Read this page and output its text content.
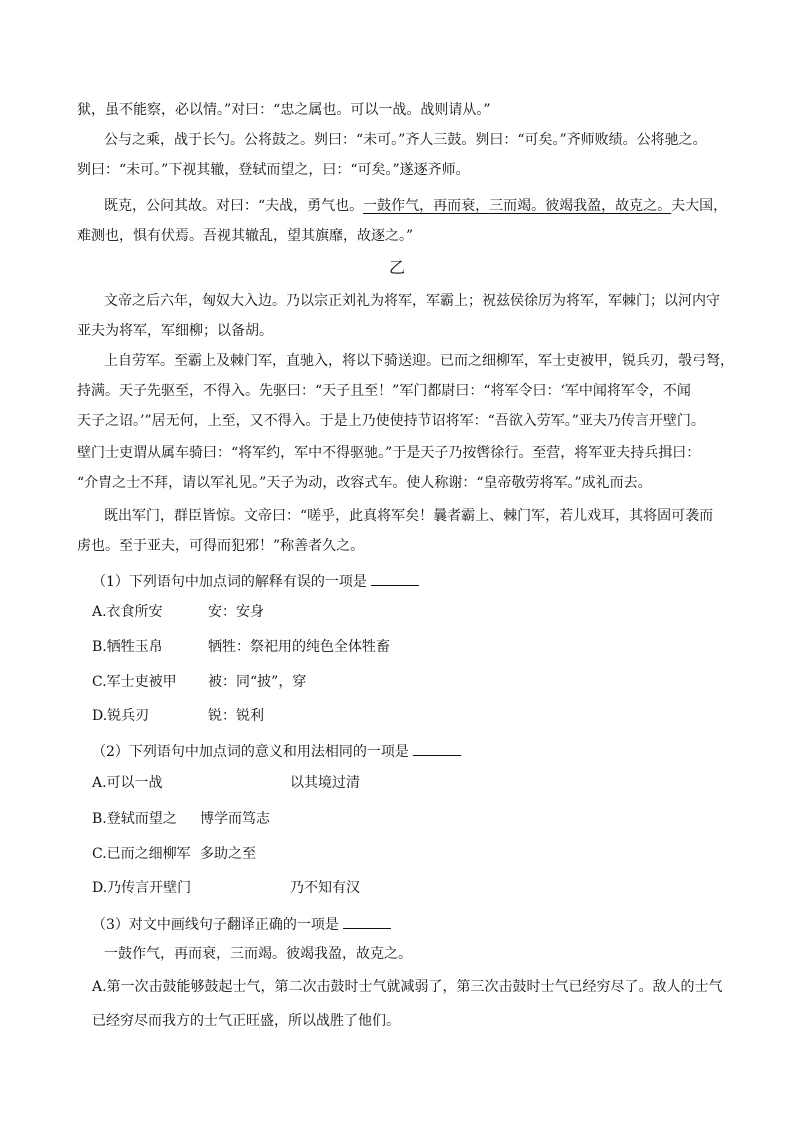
狱，虽不能察，必以情。”对曰：“忠之属也。可以一战。战则请从。”
公与之乘，战于长勺。公将鼓之。刿曰：“未可。”齐人三鼓。刿曰：“可矣。”齐师败绩。公将驰之。
刿曰：“未可。”下视其辙，登轼而望之，曰：“可矣。”遂逐齐师。
既克，公问其故。对曰：“夫战，勇气也。一鼓作气，再而衰，三而竭。彼竭我盈，故克之。夫大国，
难测也，惧有伏焉。吾视其辙乱，望其旗靡，故逐之。”
乙
文帝之后六年，匈奴大入边。乃以宗正刘礼为将军，军霸上；祝兹侯徐厉为将军，军棘门；以河内守
亚夫为将军，军细柳；以备胡。
上自劳军。至霸上及棘门军，直驰入，将以下骑送迎。已而之细柳军，军士吏被甲，锐兵刃，彀弓弩，
持满。天子先驱至，不得入。先驱曰：“天子且至！”军门都尉曰：“将军令曰：‘军中闻将军令，不闻
天子之诏。’”居无何，上至，又不得入。于是上乃使使持节诏将军：“吾欲入劳军。”亚夫乃传言开壁门。
壁门士吏谓从属车骑曰：“将军约，军中不得驱驰。”于是天子乃按辔徐行。至营，将军亚夫持兵揖曰：
“介胄之士不拜，请以军礼见。”天子为动，改容式车。使人称谢：“皇帝敬劳将军。”成礼而去。
既出军门，群臣皆惊。文帝曰：“嗟乎，此真将军矣！曩者霸上、棘门军，若儿戏耳，其将固可袭而
虏也。至于亚夫，可得而犯邪！”称善者久之。
（1）下列语句中加点词的解释有误的一项是
A.衣食所安	安：安身
B.牺牲玉帛	牺牲：祭祀用的纯色全体牲畜
C.军士吏被甲 被：同“披”，穿
D.锐兵刃	锐：锐利
（2）下列语句中加点词的意义和用法相同的一项是
A.可以一战	以其境过清
B.登轼而望之 博学而笃志
C.已而之细柳军 多助之至
D.乃传言开壁门	乃不知有汉
（3）对文中画线句子翻译正确的一项是
一鼓作气，再而衰，三而竭。彼竭我盈，故克之。
A.第一次击鼓能够鼓起士气，第二次击鼓时士气就减弱了，第三次击鼓时士气已经穷尽了。敌人的士气
已经穷尽而我方的士气正旺盛，所以战胜了他们。
